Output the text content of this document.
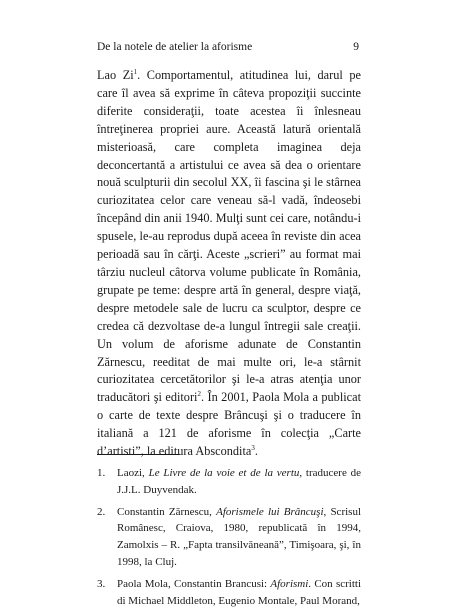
De la notele de atelier la aforisme	9

Lao Zi$^1$. Comportamentul, atitudinea lui, darul pe care îl avea să exprime în câteva propoziţii succinte diferite consideraţii, toate acestea îi înlesneau întreţinerea propriei aure. Această latură orientală misterioasă, care completa imaginea deja deconcertantă a artistului ce avea să dea o orientare nouă sculpturii din secolul XX, îi fascina şi le stârnea curiozitatea celor care veneau să-l vadă, îndeosebi începând din anii 1940. Mulţi sunt cei care, notându-i spusele, le-au reprodus după aceea în reviste din acea perioadă sau în cărţi. Aceste „scrieri” au format mai târziu nucleul câtorva volume publicate în România, grupate pe teme: despre artă în general, despre viaţă, despre metodele sale de lucru ca sculptor, despre ce credea că dezvoltase de-a lungul întregii sale creaţii. Un volum de aforisme adunate de Constantin Zărnescu, reeditat de mai multe ori, le-a stârnit curiozitatea cercetătorilor şi le-a atras atenţia unor traducători şi editori$^2$. În 2001, Paola Mola a publicat o carte de texte despre Brâncuşi şi o traducere în italiană a 121 de aforisme în colecţia „Carte d’artisti”, la editura Abscondita$^3$.

1.	Laozi, Le Livre de la voie et de la vertu, traducere de J.J.L. Duyvendak.
2.	Constantin Zărnescu, Aforismele lui Brâncuşi, Scrisul Românesc, Craiova, 1980, republicată în 1994, Zamolxis – R. „Fapta transilvăneană”, Timişoara, şi, în 1998, la Cluj.
3.	Paola Mola, Constantin Brancusi: Aforismi. Con scritti di Michael Middleton, Eugenio Montale, Paul Morand,
